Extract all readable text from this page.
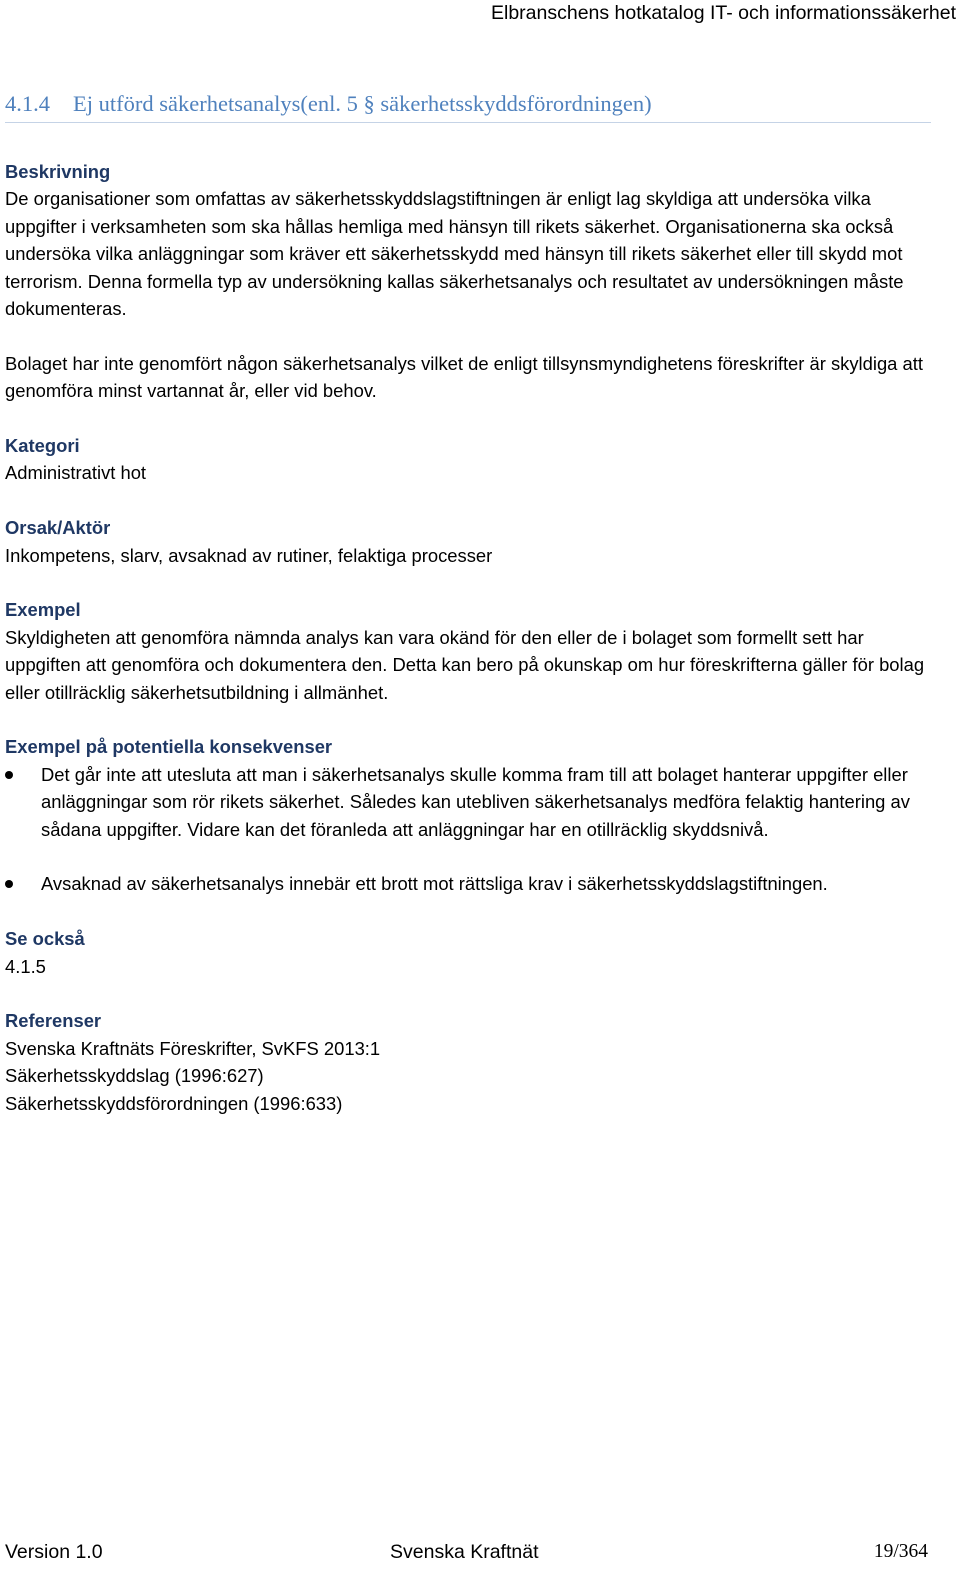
Elbranschens hotkatalog IT- och informationssäkerhet
4.1.4 Ej utförd säkerhetsanalys(enl. 5 § säkerhetsskyddsförordningen)
Beskrivning
De organisationer som omfattas av säkerhetsskyddslagstiftningen är enligt lag skyldiga att undersöka vilka uppgifter i verksamheten som ska hållas hemliga med hänsyn till rikets säkerhet. Organisationerna ska också undersöka vilka anläggningar som kräver ett säkerhetsskydd med hänsyn till rikets säkerhet eller till skydd mot terrorism. Denna formella typ av undersökning kallas säkerhetsanalys och resultatet av undersökningen måste dokumenteras.
Bolaget har inte genomfört någon säkerhetsanalys vilket de enligt tillsynsmyndighetens föreskrifter är skyldiga att genomföra minst vartannat år, eller vid behov.
Kategori
Administrativt hot
Orsak/Aktör
Inkompetens, slarv, avsaknad av rutiner, felaktiga processer
Exempel
Skyldigheten att genomföra nämnda analys kan vara okänd för den eller de i bolaget som formellt sett har uppgiften att genomföra och dokumentera den. Detta kan bero på okunskap om hur föreskrifterna gäller för bolag eller otillräcklig säkerhetsutbildning i allmänhet.
Exempel på potentiella konsekvenser
Det går inte att utesluta att man i säkerhetsanalys skulle komma fram till att bolaget hanterar uppgifter eller anläggningar som rör rikets säkerhet. Således kan utebliven säkerhetsanalys medföra felaktig hantering av sådana uppgifter. Vidare kan det föranleda att anläggningar har en otillräcklig skyddsnivå.
Avsaknad av säkerhetsanalys innebär ett brott mot rättsliga krav i säkerhetsskyddslagstiftningen.
Se också
4.1.5
Referenser
Svenska Kraftnäts Föreskrifter, SvKFS 2013:1
Säkerhetsskyddslag (1996:627)
Säkerhetsskyddsförordningen (1996:633)
Version 1.0	Svenska Kraftnät	19/364
